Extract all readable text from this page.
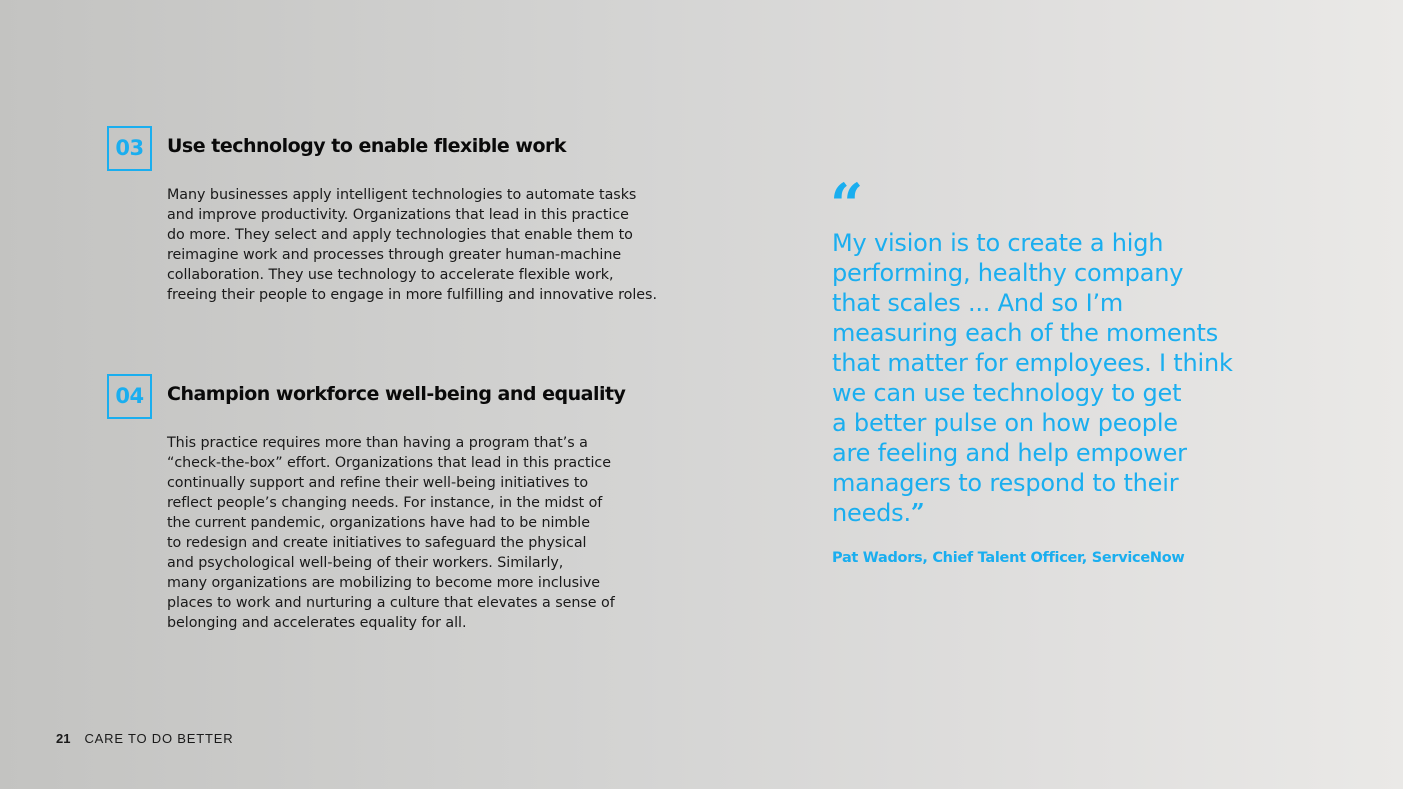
03	Use technology to enable flexible work

Many businesses apply intelligent technologies to automate tasks
and improve productivity. Organizations that lead in this practice
do more. They select and apply technologies that enable them to
reimagine work and processes through greater human-machine
collaboration. They use technology to accelerate flexible work,
freeing their people to engage in more fulfilling and innovative roles.

04	Champion workforce well-being and equality

This practice requires more than having a program that’s a
“check-the-box” effort. Organizations that lead in this practice
continually support and refine their well-being initiatives to
reflect people’s changing needs. For instance, in the midst of
the current pandemic, organizations have had to be nimble
to redesign and create initiatives to safeguard the physical
and psychological well-being of their workers. Similarly,
many organizations are mobilizing to become more inclusive
places to work and nurturing a culture that elevates a sense of
belonging and accelerates equality for all.

“

My vision is to create a high
performing, healthy company
that scales ... And so I’m
measuring each of the moments
that matter for employees. I think
we can use technology to get
a better pulse on how people
are feeling and help empower
managers to respond to their
needs.”

Pat Wadors, Chief Talent Officer, ServiceNow

21 CARE TO DO BETTER
